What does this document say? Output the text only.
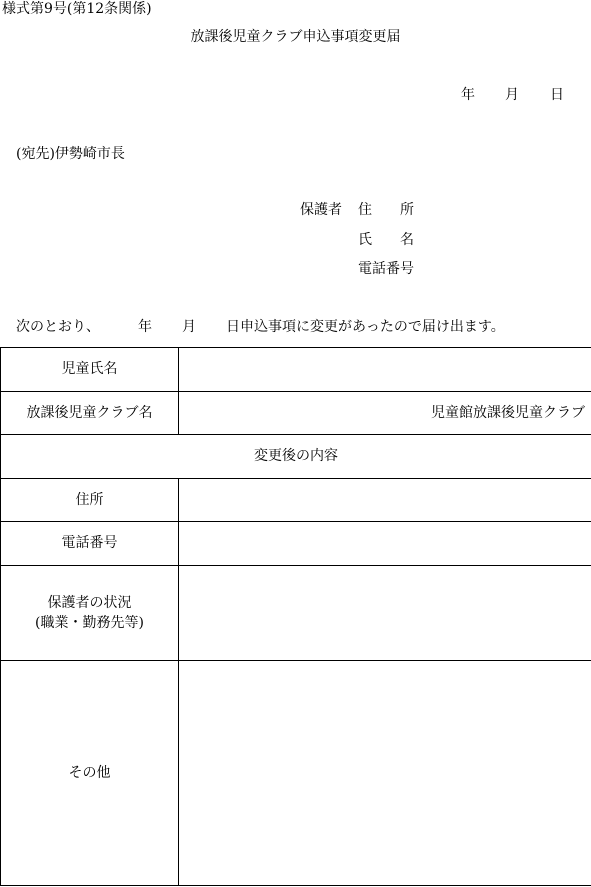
様式第9号(第12条関係)
放課後児童クラブ申込事項変更届
年 月 日
(宛先)伊勢崎市長
保護者 住　　所
氏　　名
電話番号
次のとおり、	年 月 日申込事項に変更があったので届け出ます。
児童氏名	
放課後児童クラブ名	児童館放課後児童クラブ
変更後の内容	
住所	
電話番号	

保護者の状況
(職業・勤務先等)	

その他	
